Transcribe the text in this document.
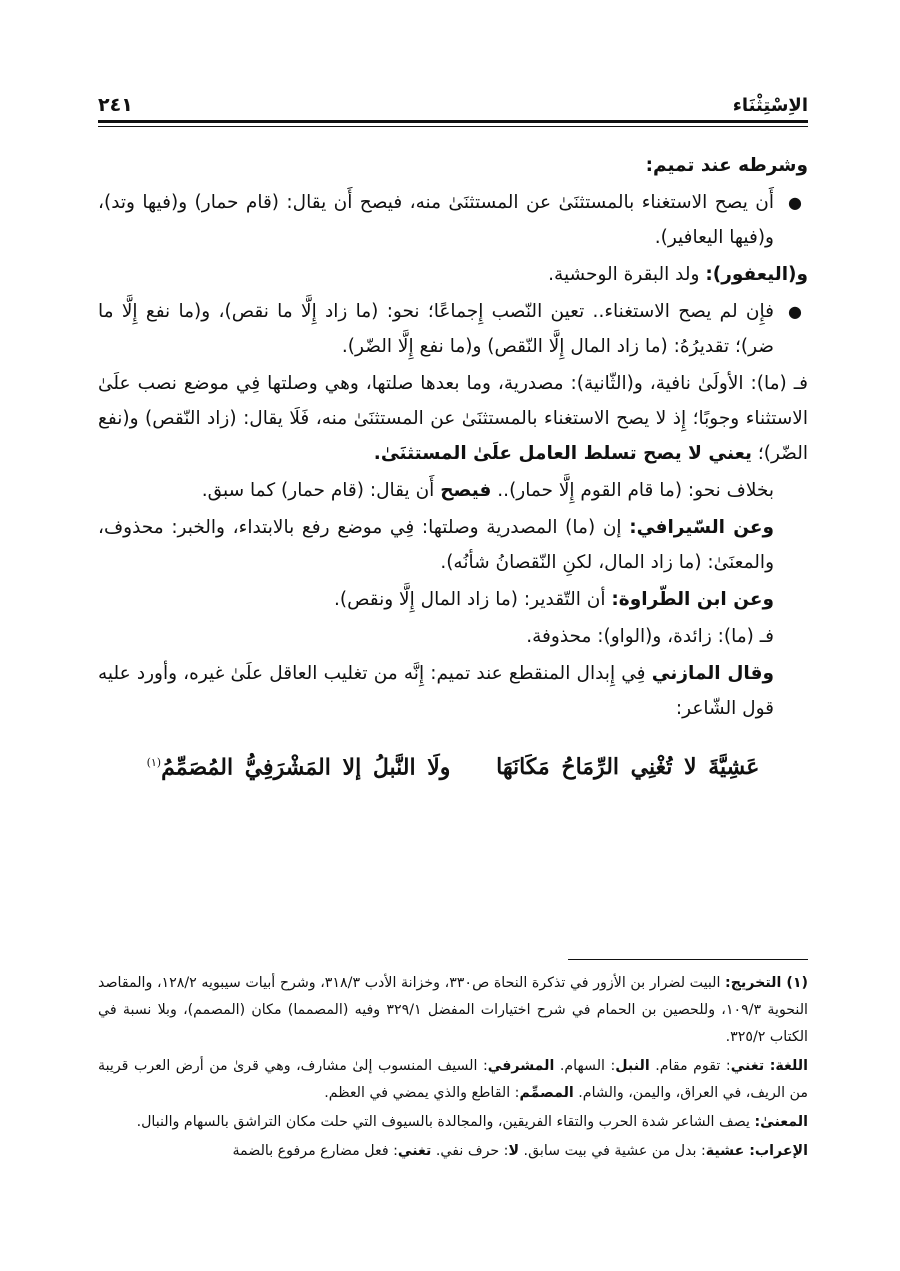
الاِسْتِثْنَاء
٢٤١

وشرطه عند تميم:

●
أَن يصح الاستغناء بالمستثنَىٰ عن المستثنَىٰ منه، فيصح أَن يقال: (قام حمار) و(فيها وتد)، و(فيها اليعافير).

و(اليعفور): ولد البقرة الوحشية.

●
فإِن لم يصح الاستغناء.. تعين النّصب إِجماعًا؛ نحو: (ما زاد إِلَّا ما نقص)، و(ما نفع إِلَّا ما ضر)؛ تقديرُهُ: (ما زاد المال إِلَّا النّقص) و(ما نفع إِلَّا الضّر).

فـ (ما): الأولَىٰ نافية، و(الثّانية): مصدرية، وما بعدها صلتها، وهي وصلتها فِي موضع نصب علَىٰ الاستثناء وجوبًا؛ إِذ لا يصح الاستغناء بالمستثنَىٰ عن المستثنَىٰ منه، فَلَا يقال: (زاد النّقص) و(نفع الضّر)؛ يعني لا يصح تسلط العامل علَىٰ المستثنَىٰ.

بخلاف نحو: (ما قام القوم إِلَّا حمار).. فيصح أَن يقال: (قام حمار) كما سبق.

وعن السّيرافي: إن (ما) المصدرية وصلتها: فِي موضع رفع بالابتداء، والخبر: محذوف، والمعنَىٰ: (ما زاد المال، لكنِ النّقصانُ شأنُه).

وعن ابن الطّراوة: أن التّقدير: (ما زاد المال إِلَّا ونقص).

فـ (ما): زائدة، و(الواو): محذوفة.

وقال المازني فِي إِبدال المنقطع عند تميم: إِنَّه من تغليب العاقل علَىٰ غيره، وأورد عليه قول الشّاعر:

عَشِيَّةَ لا تُغْنِي الرِّمَاحُ مَكَانَهَا ولَا النَّبلُ إلا المَشْرَفِيُّ المُصَمِّمُ$^{(١)}$

(١) التخريج: البيت لضرار بن الأزور في تذكرة النحاة ص٣٣٠، وخزانة الأدب ٣١٨/٣، وشرح أبيات سيبويه ١٢٨/٢، والمقاصد النحوية ١٠٩/٣، وللحصين بن الحمام في شرح اختيارات المفضل ٣٢٩/١ وفيه (المصمما) مكان (المصمم)، وبلا نسبة في الكتاب ٣٢٥/٢.

اللغة: تغني: تقوم مقام. النبل: السهام. المشرفي: السيف المنسوب إلىٰ مشارف، وهي قرىٰ من أرض العرب قريبة من الريف، في العراق، واليمن، والشام. المصمِّم: القاطع والذي يمضي في العظم.

المعنىٰ: يصف الشاعر شدة الحرب والتقاء الفريقين، والمجالدة بالسيوف التي حلت مكان التراشق بالسهام والنبال.

الإعراب: عشية: بدل من عشية في بيت سابق. لا: حرف نفي. تغني: فعل مضارع مرفوع بالضمة
